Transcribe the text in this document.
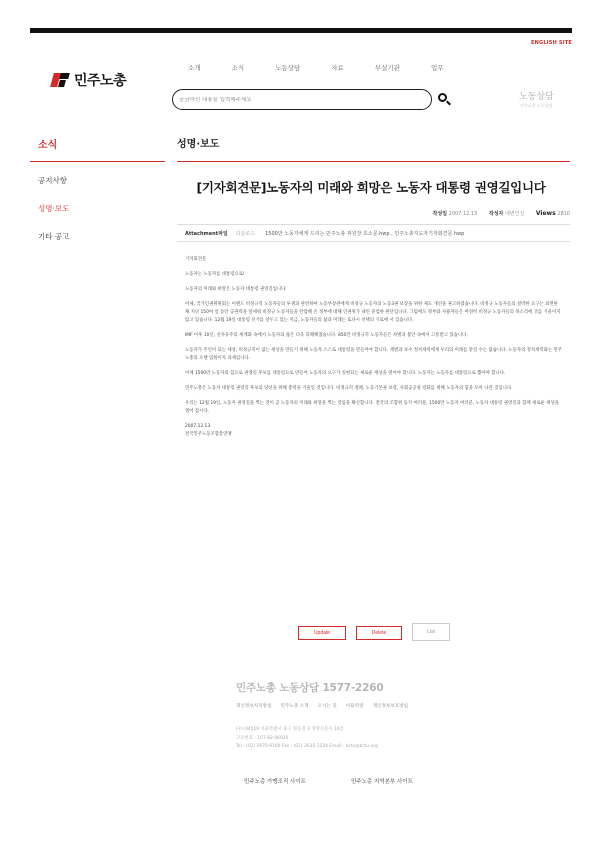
ENGLISH SITE
민주노총
소개	소식	노동상담	자료	부설기관	업무
궁금하신 내용을 입력해주세요
노동상담
민주노총 노동상담
소식
공지사항
성명·보도
기타 공고
성명·보도
[기자회견문]노동자의 미래와 희망은 노동자 대통령 권영길입니다
작성일 2007.12.13 작성자 대변인실 Views 2810
Attachment파일 다운로드 1500만 노동자에게 드리는 민주노총 위원장 호소문.hwp , 민주노총지도자기자회견문.hwp

기자회견문

노동자는 노동자를 대통령으로!

노동자의 미래와 희망은 노동자 대통령 권영길입니다.

어제, 국가인권위원회는 이랜드 비정규직 노동자들의 투쟁과 관련하여 노동부장관에게 비정규 노동자의 노동3권 보장을 위한 제도 개선을 권고하였습니다. 비정규 노동자들의 절박한 요구는 외면한 채 지난 150여 일 동안 공권력을 앞세워 비정규 노동자들을 탄압해 온 정부에 대해 인권위가 내린 준엄한 판단입니다. 그럼에도 정부와 사용자들은 여전히 비정규 노동자들의 목소리에 귀를 기울이지 않고 있습니다. 12월 19일 대통령 선거를 앞두고 있는 지금, 노동자들의 삶과 미래는 또다시 선택의 기로에 서 있습니다.

IMF 이후 10년, 신자유주의 세계화 속에서 노동자의 삶은 더욱 피폐해졌습니다. 850만 비정규직 노동자들은 차별과 불안 속에서 고통받고 있습니다.

노동자가 주인이 되는 세상, 비정규직이 없는 세상을 만들기 위해 노동자 스스로 대통령을 만들어야 합니다. 재벌과 보수 정치세력에게 우리의 미래를 맡길 수는 없습니다. 노동자의 정치세력화는 민주노총의 오랜 염원이자 과제입니다.

이제 1500만 노동자의 힘으로 권영길 후보를 대통령으로 만들어 노동자의 요구가 실현되는 새로운 세상을 열어야 합니다. 노동자는 노동자를 대통령으로 뽑아야 합니다.

민주노총은 노동자 대통령 권영길 후보의 당선을 위해 총력을 기울일 것입니다. 비정규직 철폐, 노동기본권 보장, 사회공공성 강화를 위해 노동자의 힘을 모아 나갈 것입니다.

우리는 12월 19일, 노동자 권영길을 찍는 것이 곧 노동자의 미래와 희망을 찍는 것임을 확신합니다. 전국의 조합원 동지 여러분, 1500만 노동자 여러분, 노동자 대통령 권영길과 함께 새로운 세상을 열어 갑시다.

2007.12.13.

전국민주노동조합총연맹

Update	Delete	List
민주노총 노동상담 1577-2260
개인정보처리방침 민주노총 소개 오시는 길 이용약관 개인정보보호방침
(우) 04519 서울특별시 중구 정동길 3 경향신문사 14층
고유번호 : 107-82-06935
Tel : (02) 2670-9100 Fax : (02) 2635-1134 Email : kctu@kctu.org
민주노총 가맹조직 사이트	민주노총 지역본부 사이트
